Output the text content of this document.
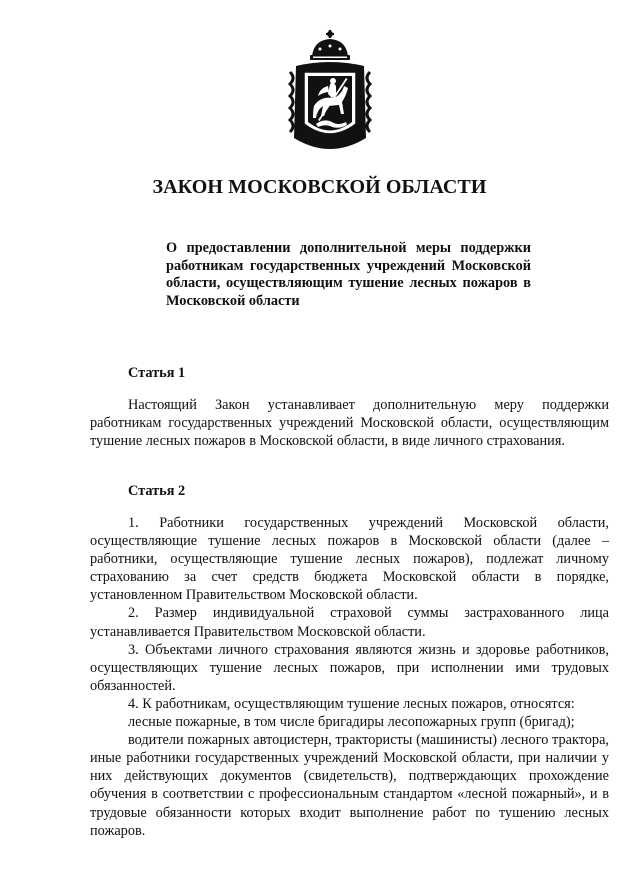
ЗАКОН МОСКОВСКОЙ ОБЛАСТИ
О предоставлении дополнительной меры поддержки работникам государственных учреждений Московской области, осуществляющим тушение лесных пожаров в Московской области
Статья 1

Настоящий Закон устанавливает дополнительную меру поддержки работникам государственных учреждений Московской области, осуществляющим тушение лесных пожаров в Московской области, в виде личного страхования.

Статья 2

1. Работники государственных учреждений Московской области, осуществляющие тушение лесных пожаров в Московской области (далее – работники, осуществляющие тушение лесных пожаров), подлежат личному страхованию за счет средств бюджета Московской области в порядке, установленном Правительством Московской области.

2. Размер индивидуальной страховой суммы застрахованного лица устанавливается Правительством Московской области.

3. Объектами личного страхования являются жизнь и здоровье работников, осуществляющих тушение лесных пожаров, при исполнении ими трудовых обязанностей.

4. К работникам, осуществляющим тушение лесных пожаров, относятся:

лесные пожарные, в том числе бригадиры лесопожарных групп (бригад);

водители пожарных автоцистерн, трактористы (машинисты) лесного трактора, иные работники государственных учреждений Московской области, при наличии у них действующих документов (свидетельств), подтверждающих прохождение обучения в соответствии с профессиональным стандартом «лесной пожарный», и в трудовые обязанности которых входит выполнение работ по тушению лесных пожаров.
